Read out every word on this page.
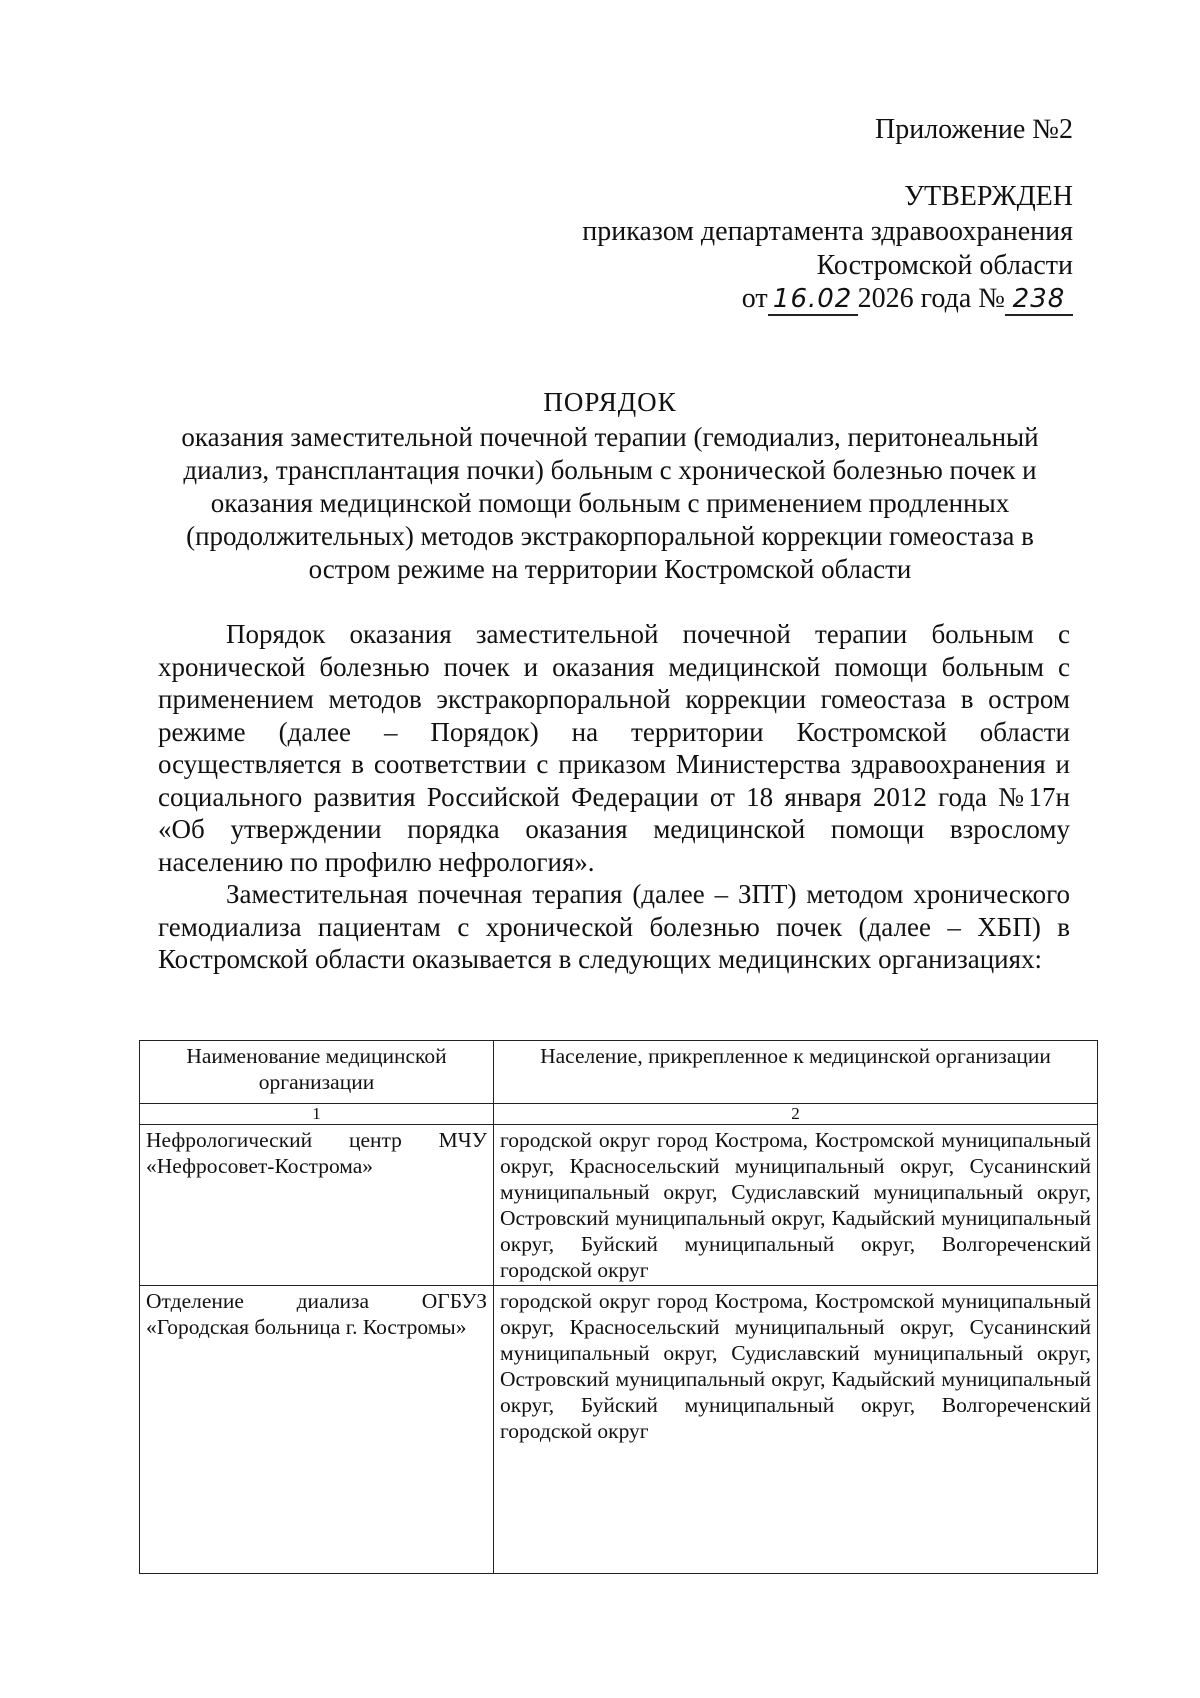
Приложение №2
УТВЕРЖДЕН
приказом департамента здравоохранения
Костромской области
от 16.02 2026 года № 238
ПОРЯДОК
оказания заместительной почечной терапии (гемодиализ, перитонеальный диализ, трансплантация почки) больным с хронической болезнью почек и оказания медицинской помощи больным с применением продленных (продолжительных) методов экстракорпоральной коррекции гомеостаза в остром режиме на территории Костромской области

Порядок оказания заместительной почечной терапии больным с хронической болезнью почек и оказания медицинской помощи больным с применением методов экстракорпоральной коррекции гомеостаза в остром режиме (далее – Порядок) на территории Костромской области осуществляется в соответствии с приказом Министерства здравоохранения и социального развития Российской Федерации от 18 января 2012 года №17н «Об утверждении порядка оказания медицинской помощи взрослому населению по профилю нефрология».

Заместительная почечная терапия (далее – ЗПТ) методом хронического гемодиализа пациентам с хронической болезнью почек (далее – ХБП) в Костромской области оказывается в следующих медицинских организациях:

Наименование медицинской организации	Население, прикрепленное к медицинской организации
1	2
Нефрологический центр МЧУ «Нефросовет-Кострома»	городской округ город Кострома, Костромской муниципальный округ, Красносельский муниципальный округ, Сусанинский муниципальный округ, Судиславский муниципальный округ, Островский муниципальный округ, Кадыйский муниципальный округ, Буйский муниципальный округ, Волгореченский городской округ
Отделение диализа ОГБУЗ «Городская больница г. Костромы»	городской округ город Кострома, Костромской муниципальный округ, Красносельский муниципальный округ, Сусанинский муниципальный округ, Судиславский муниципальный округ, Островский муниципальный округ, Кадыйский муниципальный округ, Буйский муниципальный округ, Волгореченский городской округ
